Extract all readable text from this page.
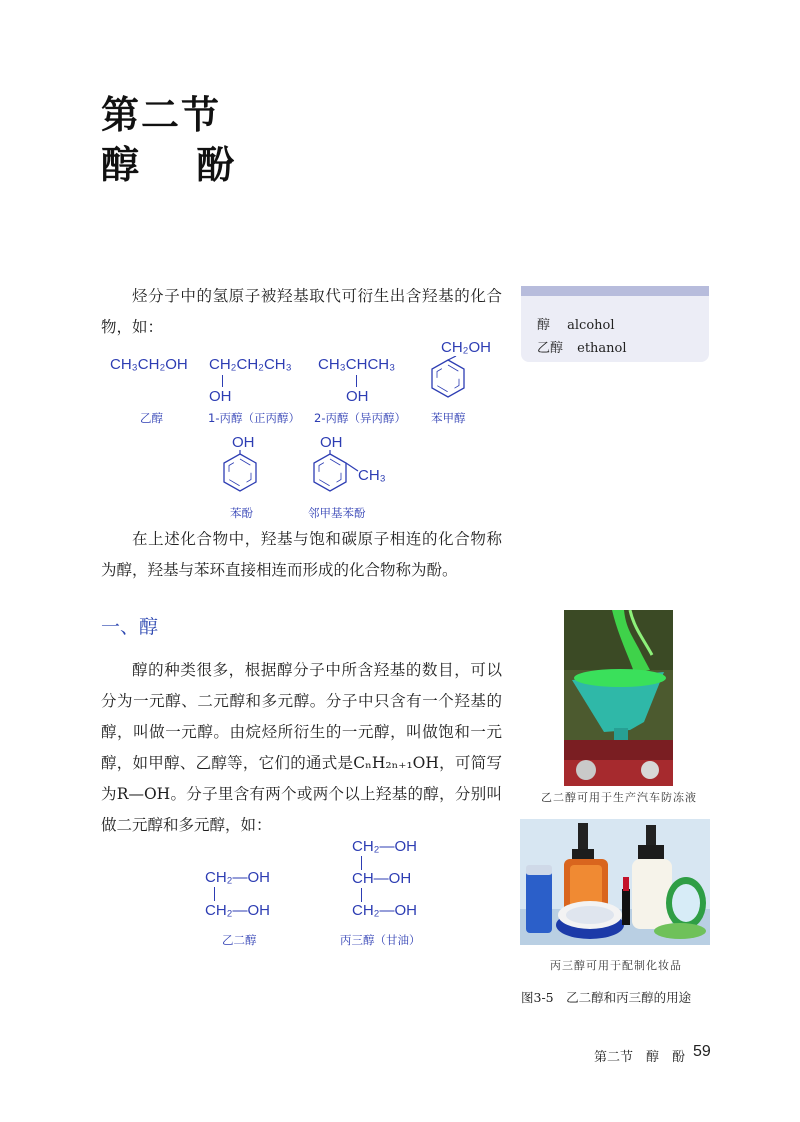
第二节
醇 酚

烃分子中的氢原子被羟基取代可衍生出含羟基的化合物，如：	醇 alcohol
乙醇 ethanol
CH₃CH₂OH CH₂CH₂CH₃
OH
CH₃CHCH₃
OH
CH₂OH
乙醇	1-丙醇（正丙醇） 2-丙醇（异丙醇） 苯甲醇
OH	OH
CH₃
苯酚	邻甲基苯酚

在上述化合物中，羟基与饱和碳原子相连的化合物称为醇，羟基与苯环直接相连而形成的化合物称为酚。

一、醇

醇的种类很多，根据醇分子中所含羟基的数目，可以分为一元醇、二元醇和多元醇。分子中只含有一个羟基的醇，叫做一元醇。由烷烃所衍生的一元醇，叫做饱和一元醇，如甲醇、乙醇等，它们的通式是CₙH₂ₙ₊₁OH，可简写为R—OH。分子里含有两个或两个以上羟基的醇，分别叫做二元醇和多元醇，如：

CH₂—OH
CH₂—OH
乙二醇
CH₂—OH
CH—OH
CH₂—OH
丙三醇（甘油）
乙二醇可用于生产汽车防冻液
丙三醇可用于配制化妆品
图3-5　乙二醇和丙三醇的用途
第二节　醇　酚 59
